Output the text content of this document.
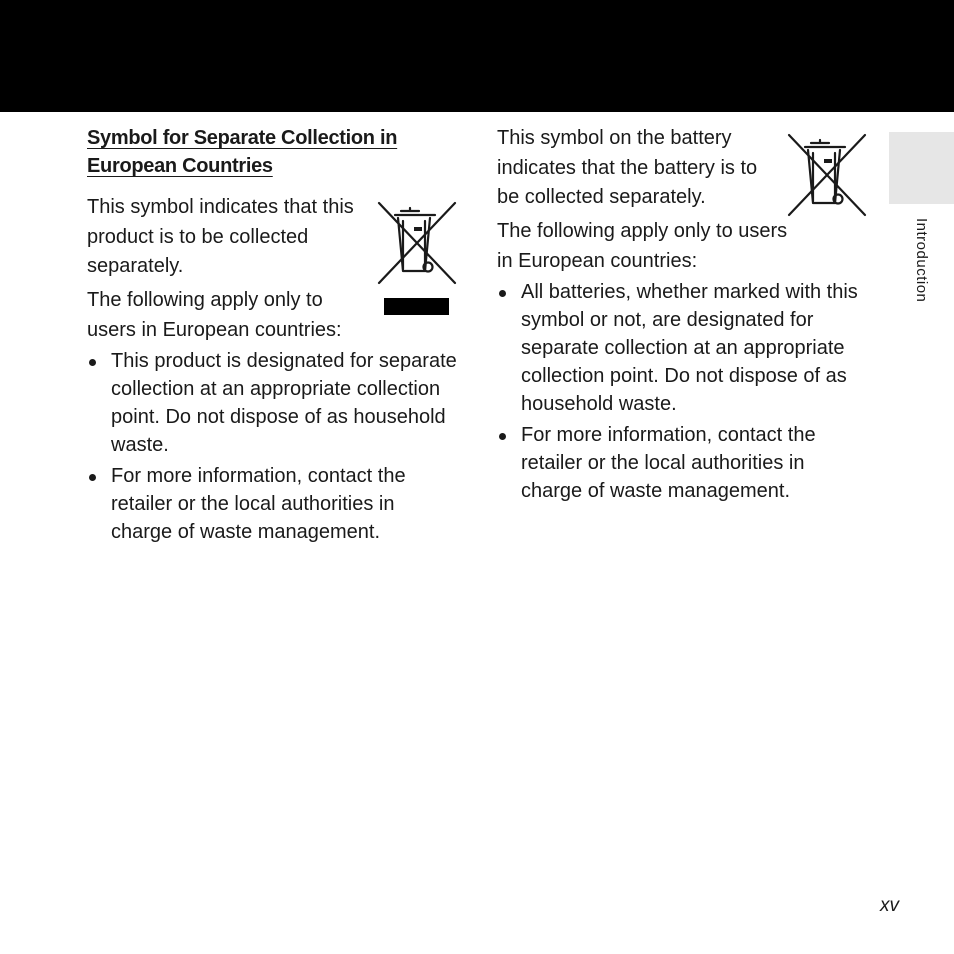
Symbol for Separate Collection in European Countries

This symbol indicates that this product is to be collected separately.

The following apply only to users in European countries:

This product is designated for separate collection at an appropriate collection point. Do not dispose of as household waste.
For more information, contact the retailer or the local authorities in charge of waste management.

This symbol on the battery indicates that the battery is to be collected separately.

The following apply only to users in European countries:

All batteries, whether marked with this symbol or not, are designated for separate collection at an appropriate collection point. Do not dispose of as household waste.
For more information, contact the retailer or the local authorities in charge of waste management.
Introduction
xv
